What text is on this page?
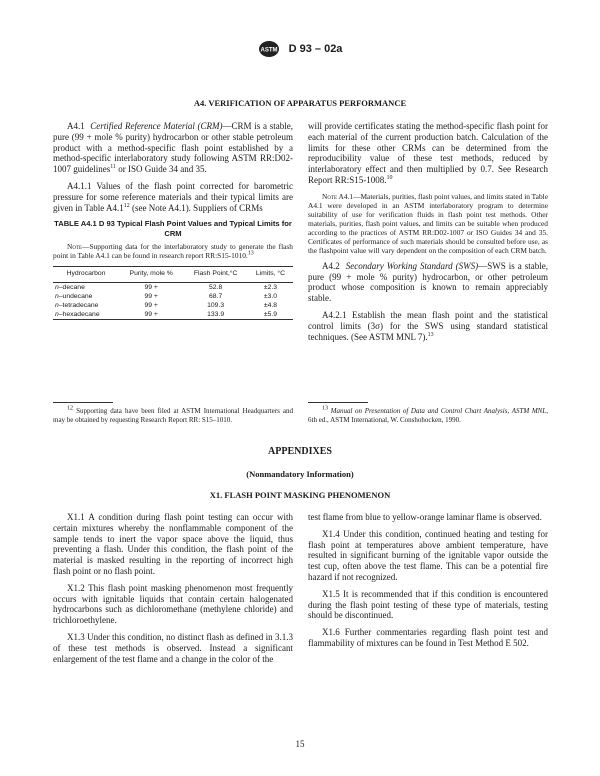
ASTM D 93 – 02a
A4. VERIFICATION OF APPARATUS PERFORMANCE

A4.1 Certified Reference Material (CRM)—CRM is a stable, pure (99 + mole % purity) hydrocarbon or other stable petroleum product with a method-specific flash point established by a method-specific interlaboratory study following ASTM RR:D02-1007 guidelines$^{11}$ or ISO Guide 34 and 35.

A4.1.1 Values of the flash point corrected for barometric pressure for some reference materials and their typical limits are given in Table $A4.1^{12}$ (see Note A4.1). Suppliers of CRMs

TABLE A4.1 D 93 Typical Flash Point Values and Typical Limits for CRM
Note—Supporting data for the interlaboratory study to generate the flash point in Table A4.1 can be found in research report RR:S15-1010.13
Hydrocarbon	Purity, mole %	Flash Point,°C	Limits, °C
n–decane	99 +	52.8	±2.3
n–undecane	99 +	68.7	±3.0
n–tetradecane	99 +	109.3	±4.8
n–hexadecane	99 +	133.9	±5.9

will provide certificates stating the method-specific flash point for each material of the current production batch. Calculation of the limits for these other CRMs can be determined from the reproducibility value of these test methods, reduced by interlaboratory effect and then multiplied by 0.7. See Research Report RR:S15-1008.10

Note A4.1—Materials, purities, flash point values, and limits stated in Table A4.1 were developed in an ASTM interlaboratory program to determine suitability of use for verification fluids in flash point test methods. Other materials, purities, flash point values, and limits can be suitable when produced according to the practices of ASTM RR:D02-1007 or ISO Guides 34 and 35. Certificates of performance of such materials should be consulted before use, as the flashpoint value will vary dependent on the composition of each CRM batch.

A4.2 Secondary Working Standard (SWS)—SWS is a stable, pure (99 + mole % purity) hydrocarbon, or other petroleum product whose composition is known to remain appreciably stable.

A4.2.1 Establish the mean flash point and the statistical control limits (3σ) for the SWS using standard statistical techniques. (See ASTM MNL 7).$^{13}$

$^{12}$ Supporting data have been filed at ASTM International Headquarters and may be obtained by requesting Research Report RR: S15–1010.

$^{13}$ Manual on Presentation of Data and Control Chart Analysis, ASTM MNL, 6th ed., ASTM International, W. Conshohocken, 1990.

APPENDIXES
(Nonmandatory Information)
X1. FLASH POINT MASKING PHENOMENON

X1.1 A condition during flash point testing can occur with certain mixtures whereby the nonflammable component of the sample tends to inert the vapor space above the liquid, thus preventing a flash. Under this condition, the flash point of the material is masked resulting in the reporting of incorrect high flash point or no flash point.

X1.2 This flash point masking phenomenon most frequently occurs with ignitable liquids that contain certain halogenated hydrocarbons such as dichloromethane (methylene chloride) and trichloroethylene.

X1.3 Under this condition, no distinct flash as defined in 3.1.3 of these test methods is observed. Instead a significant enlargement of the test flame and a change in the color of the

test flame from blue to yellow-orange laminar flame is observed.

X1.4 Under this condition, continued heating and testing for flash point at temperatures above ambient temperature, have resulted in significant burning of the ignitable vapor outside the test cup, often above the test flame. This can be a potential fire hazard if not recognized.

X1.5 It is recommended that if this condition is encountered during the flash point testing of these type of materials, testing should be discontinued.

X1.6 Further commentaries regarding flash point test and flammability of mixtures can be found in Test Method E 502.

15
